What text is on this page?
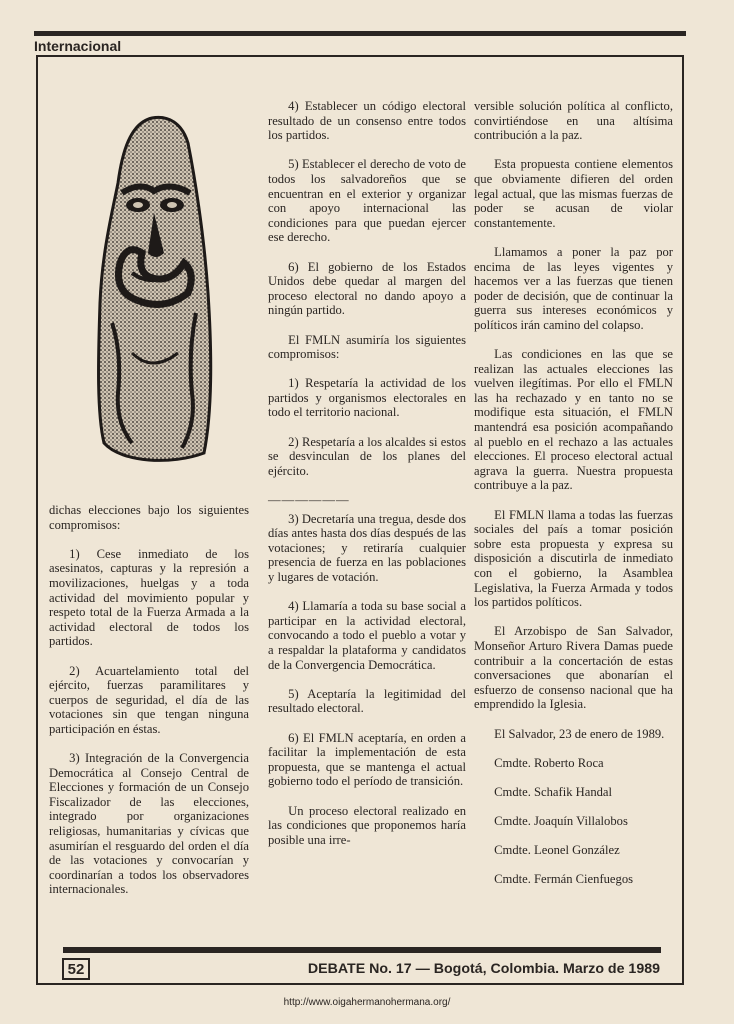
Internacional

dichas elecciones bajo los siguientes compromisos:

1) Cese inmediato de los asesinatos, capturas y la represión a movilizaciones, huelgas y a toda actividad del movimiento popular y respeto total de la Fuerza Armada a la actividad electoral de todos los partidos.

2) Acuartelamiento total del ejército, fuerzas paramilitares y cuerpos de seguridad, el día de las votaciones sin que tengan ninguna participación en éstas.

3) Integración de la Convergencia Democrática al Consejo Central de Elecciones y formación de un Consejo Fiscalizador de las elecciones, integrado por organizaciones religiosas, humanitarias y cívicas que asumirían el resguardo del orden el día de las votaciones y convocarían y coordinarían a todos los observadores internacionales.

4) Establecer un código electoral resultado de un consenso entre todos los partidos.

5) Establecer el derecho de voto de todos los salvadoreños que se encuentran en el exterior y organizar con apoyo internacional las condiciones para que puedan ejercer ese derecho.

6) El gobierno de los Estados Unidos debe quedar al margen del proceso electoral no dando apoyo a ningún partido.

El FMLN asumiría los siguientes compromisos:

1) Respetaría la actividad de los partidos y organismos electorales en todo el territorio nacional.

2) Respetaría a los alcaldes si estos se desvinculan de los planes del ejército.

——————

3) Decretaría una tregua, desde dos días antes hasta dos días después de las votaciones; y retiraría cualquier presencia de fuerza en las poblaciones y lugares de votación.

4) Llamaría a toda su base social a participar en la actividad electoral, convocando a todo el pueblo a votar y a respaldar la plataforma y candidatos de la Convergencia Democrática.

5) Aceptaría la legitimidad del resultado electoral.

6) El FMLN aceptaría, en orden a facilitar la implementación de esta propuesta, que se mantenga el actual gobierno todo el período de transición.

Un proceso electoral realizado en las condiciones que proponemos haría posible una irre-

versible solución política al conflicto, convirtiéndose en una altísima contribución a la paz.

Esta propuesta contiene elementos que obviamente difieren del orden legal actual, que las mismas fuerzas de poder se acusan de violar constantemente.

Llamamos a poner la paz por encima de las leyes vigentes y hacemos ver a las fuerzas que tienen poder de decisión, que de continuar la guerra sus intereses económicos y políticos irán camino del colapso.

Las condiciones en las que se realizan las actuales elecciones las vuelven ilegítimas. Por ello el FMLN las ha rechazado y en tanto no se modifique esta situación, el FMLN mantendrá esa posición acompañando al pueblo en el rechazo a las actuales elecciones. El proceso electoral actual agrava la guerra. Nuestra propuesta contribuye a la paz.

El FMLN llama a todas las fuerzas sociales del país a tomar posición sobre esta propuesta y expresa su disposición a discutirla de inmediato con el gobierno, la Asamblea Legislativa, la Fuerza Armada y todos los partidos políticos.

El Arzobispo de San Salvador, Monseñor Arturo Rivera Damas puede contribuir a la concertación de estas conversaciones que abonarían el esfuerzo de consenso nacional que ha emprendido la Iglesia.

El Salvador, 23 de enero de 1989.

Cmdte. Roberto Roca

Cmdte. Schafik Handal

Cmdte. Joaquín Villalobos

Cmdte. Leonel González

Cmdte. Fermán Cienfuegos

52	DEBATE No. 17 — Bogotá, Colombia. Marzo de 1989
http://www.oigahermanohermana.org/
